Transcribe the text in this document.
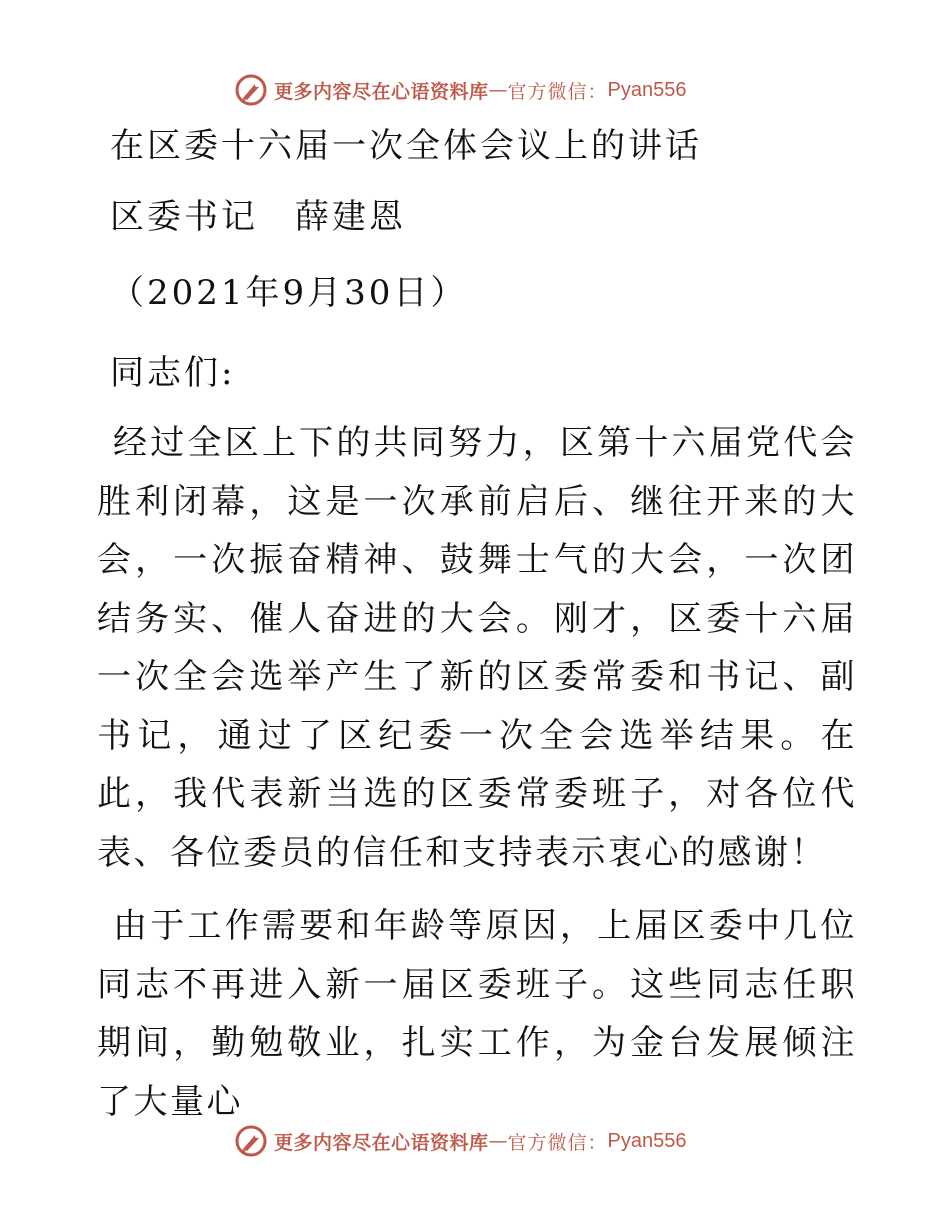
更多内容尽在心语资料库 — 官方微信： Pyan556
在区委十六届一次全体会议上的讲话
区委书记　薛建恩
（2021年9月30日）
同志们:
经过全区上下的共同努力，区第十六届党代会胜利闭幕，这是一次承前启后、继往开来的大会，一次振奋精神、鼓舞士气的大会，一次团结务实、催人奋进的大会。刚才，区委十六届一次全会选举产生了新的区委常委和书记、副书记，通过了区纪委一次全会选举结果。在此，我代表新当选的区委常委班子，对各位代表、各位委员的信任和支持表示衷心的感谢！
由于工作需要和年龄等原因，上届区委中几位同志不再进入新一届区委班子。这些同志任职期间，勤勉敬业，扎实工作，为金台发展倾注了大量心
更多内容尽在心语资料库 — 官方微信： Pyan556
